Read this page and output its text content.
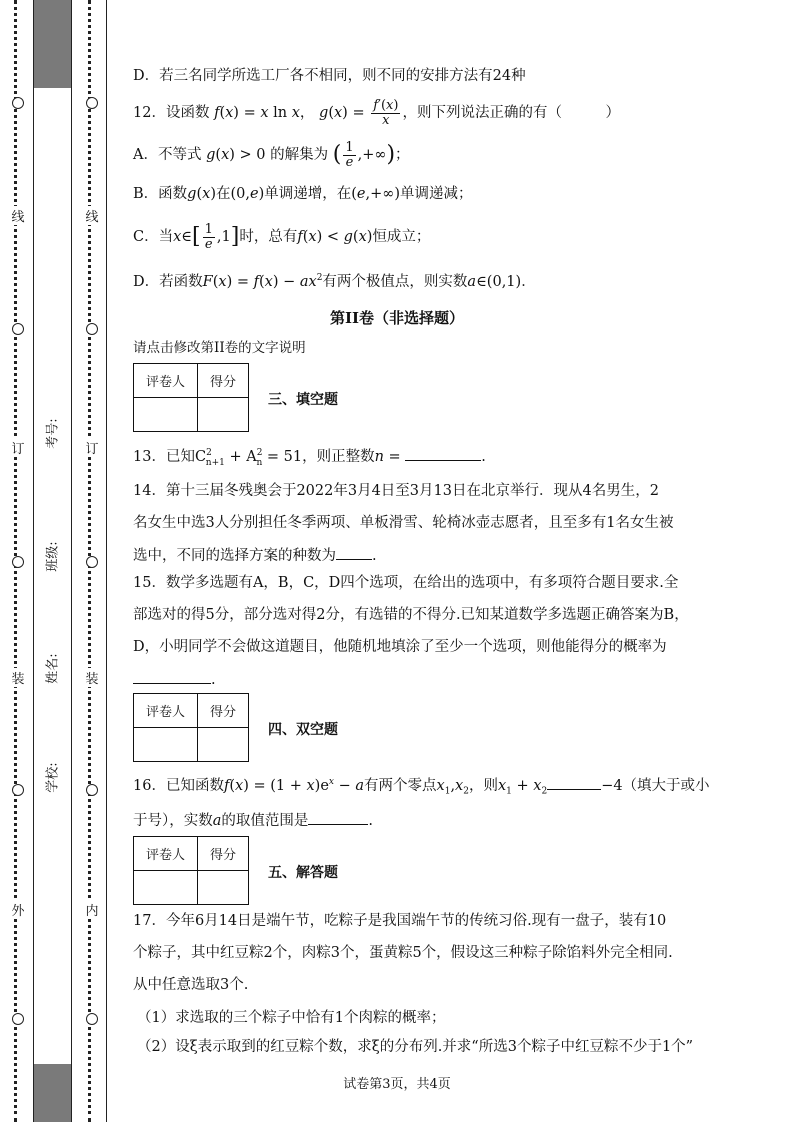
线
订
装
外
线
订
装
内
考号:
班级:
姓名:
学校:
D．若三名同学所选工厂各不相同，则不同的安排方法有24种
12．设函数 f(x) = x ln x， $g(x) = \frac{f'(x)}{x}$ ，则下列说法正确的有（　　　）
A．不等式 g(x) > 0 的解集为 ( $\frac{1}{e}$ ,+∞)；
B．函数g(x)在(0,e)单调递增，在(e,+∞)单调递减；
C．当x∈[ $\frac{1}{e} ,1$]时，总有f(x) < g(x)恒成立；
D．若函数$F(x) = f(x) - ax^2$有两个极值点，则实数a∈(0,1)．
第II卷（非选择题）
请点击修改第II卷的文字说明
评卷人	得分

三、填空题
13．已知$C^2_{n+1} + A^2_n = 51$，则正整数n =	.
14．第十三届冬残奥会于2022年3月4日至3月13日在北京举行．现从4名男生，2
名女生中选3人分别担任冬季两项、单板滑雪、轮椅冰壶志愿者，且至多有1名女生被
选中，不同的选择方案的种数为 .
15．数学多选题有A，B，C，D四个选项，在给出的选项中，有多项符合题目要求.全
部选对的得5分，部分选对得2分，有选错的不得分.已知某道数学多选题正确答案为B，
D，小明同学不会做这道题目，他随机地填涂了至少一个选项，则他能得分的概率为
.
评卷人	得分

四、双空题
16．已知函数$f(x) = (1 + x)e^x - a$有两个零点$x_1,x_2$，则$x_1 + x_2$	−4（填大于或小
于号），实数a的取值范围是	.
评卷人	得分

五、解答题
17．今年6月14日是端午节，吃粽子是我国端午节的传统习俗.现有一盘子，装有10
个粽子，其中红豆粽2个，肉粽3个，蛋黄粽5个，假设这三种粽子除馅料外完全相同.
从中任意选取3个.
（1）求选取的三个粽子中恰有1个肉粽的概率；
（2）设ξ表示取到的红豆粽个数，求ξ的分布列.并求“所选3个粽子中红豆粽不少于1个”
试卷第3页，共4页
